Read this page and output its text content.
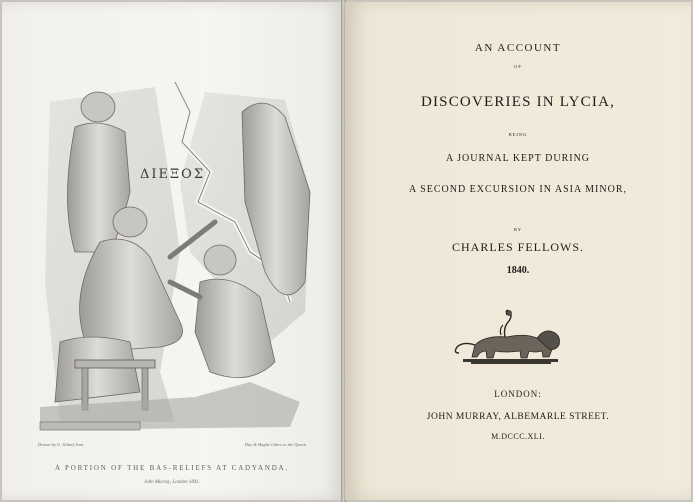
ΔΙΕΞΟΣ
Drawn by G. Scharf Junr	Day & Haghe Lithrs to the Queen
A PORTION OF THE BAS-RELIEFS AT CADYANDA.
John Murray, London 1841.
AN ACCOUNT
OF
DISCOVERIES IN LYCIA,
BEING
A JOURNAL KEPT DURING
A SECOND EXCURSION IN ASIA MINOR,
BY
CHARLES FELLOWS.
1840.
LONDON:
JOHN MURRAY, ALBEMARLE STREET.
M.DCCC.XLI.
